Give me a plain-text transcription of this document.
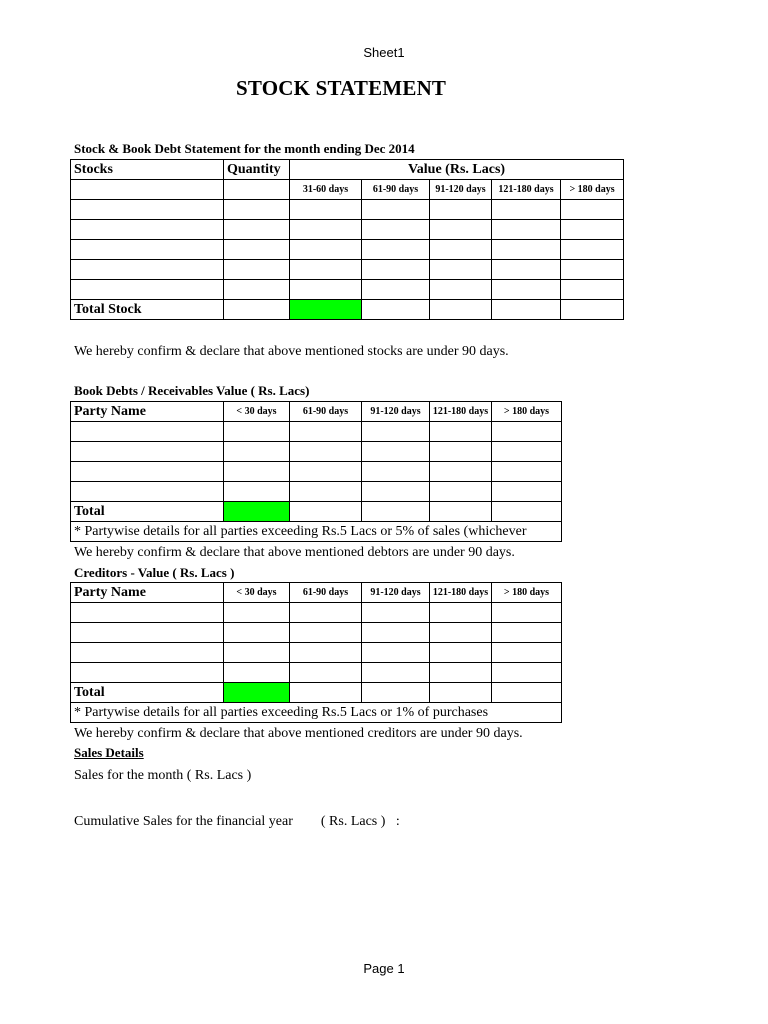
Sheet1
STOCK STATEMENT
Stock & Book Debt Statement for the month ending Dec 2014
Stocks	Quantity	Value (Rs. Lacs)				
		31-60 days	61-90 days	91-120 days	121-180 days	> 180 days

Total Stock						
We hereby confirm & declare that above mentioned stocks are under 90 days.
Book Debts / Receivables Value ( Rs. Lacs)
Party Name	< 30 days	61-90 days	91-120 days	121-180 days	> 180 days

Total					
* Partywise details for all parties exceeding Rs.5 Lacs or 5% of sales (whichever					
We hereby confirm & declare that above mentioned debtors are under 90 days.
Creditors - Value ( Rs. Lacs )
Party Name	< 30 days	61-90 days	91-120 days	121-180 days	> 180 days

Total					
* Partywise details for all parties exceeding Rs.5 Lacs or 1% of purchases					
We hereby confirm & declare that above mentioned creditors are under 90 days.
Sales Details
Sales for the month ( Rs. Lacs )
Cumulative Sales for the financial year        ( Rs. Lacs )   :
Page 1
